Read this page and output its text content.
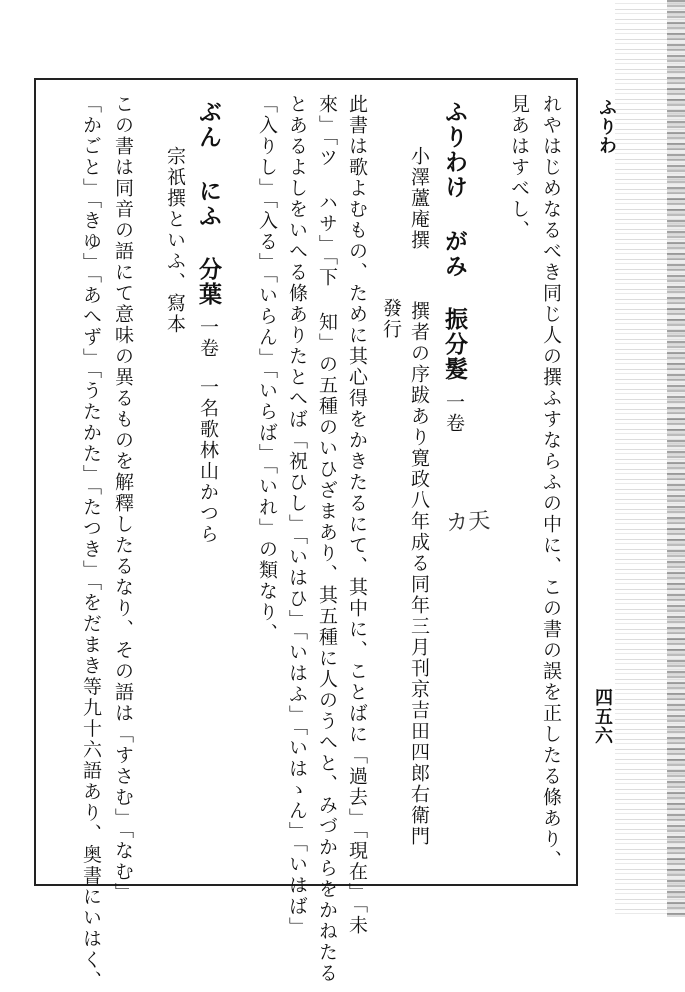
ふりわ
四五六
れやはじめなるべき同じ人の撰ふすならふの中に、この書の誤を正したる條あり、
見あはすべし、
ふりわけ がみ振分髮一卷
小澤蘆庵撰撰者の序跋あり寛政八年成る同年三月刊京吉田四郎右衛門
發行
此書は歌よむもの、ために其心得をかきたるにて、其中に、ことばに「過去」「現在」「未
來」「ツ ハサ」「下 知」の五種のいひざまあり、其五種に人のうへと、みづからをかねたる
とあるよしをいへる條ありたとへば「祝ひし」「いはひ」「いはふ」「いはゝん」「いはば」
「入りし」「入る」「いらん」「いらば」「いれ」の類なり、
ぶん にふ分葉一卷一名歌林山かつら
宗祇撰といふ、寫本
この書は同音の語にて意味の異るものを解釋したるなり、その語は「すさむ」「なむ」
「かごと」「きゆ」「あへず」「うたかた」「たつき」「をだまき等九十六語あり、奥書にいはく、	カ天
